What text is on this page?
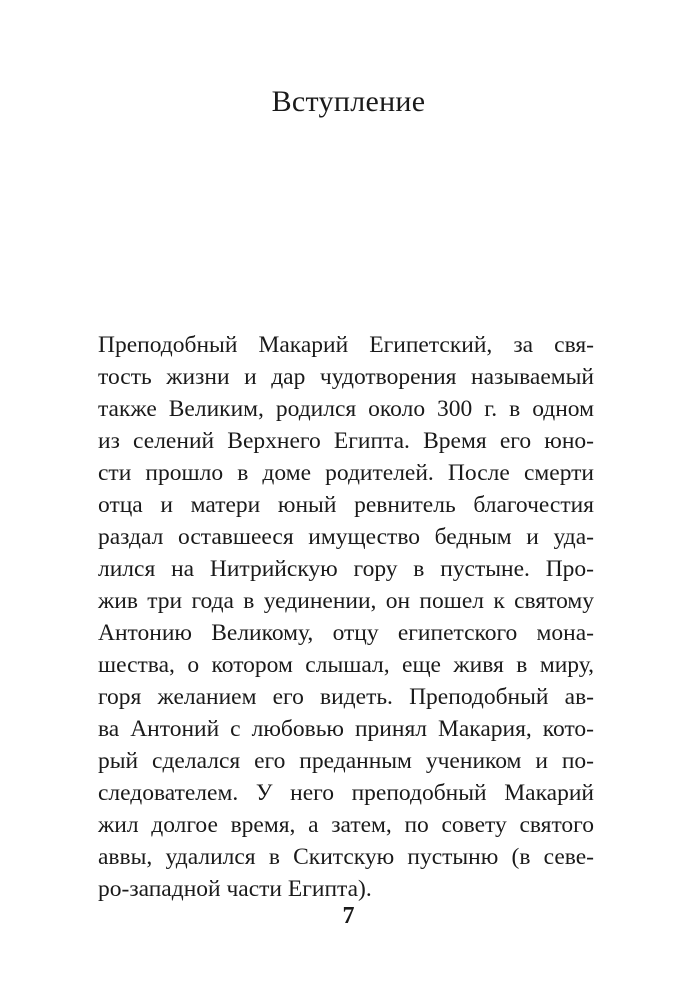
Вступление
Преподобный Макарий Египетский, за свя-
тость жизни и дар чудотворения называемый
также Великим, родился около 300 г. в одном
из селений Верхнего Египта. Время его юно-
сти прошло в доме родителей. После смерти
отца и матери юный ревнитель благочестия
раздал оставшееся имущество бедным и уда-
лился на Нитрийскую гору в пустыне. Про-
жив три года в уединении, он пошел к святому
Антонию Великому, отцу египетского мона-
шества, о котором слышал, еще живя в миру,
горя желанием его видеть. Преподобный ав-
ва Антоний с любовью принял Макария, кото-
рый сделался его преданным учеником и по-
следователем. У него преподобный Макарий
жил долгое время, а затем, по совету святого
аввы, удалился в Скитскую пустыню (в севе-
ро-западной части Египта).
7
